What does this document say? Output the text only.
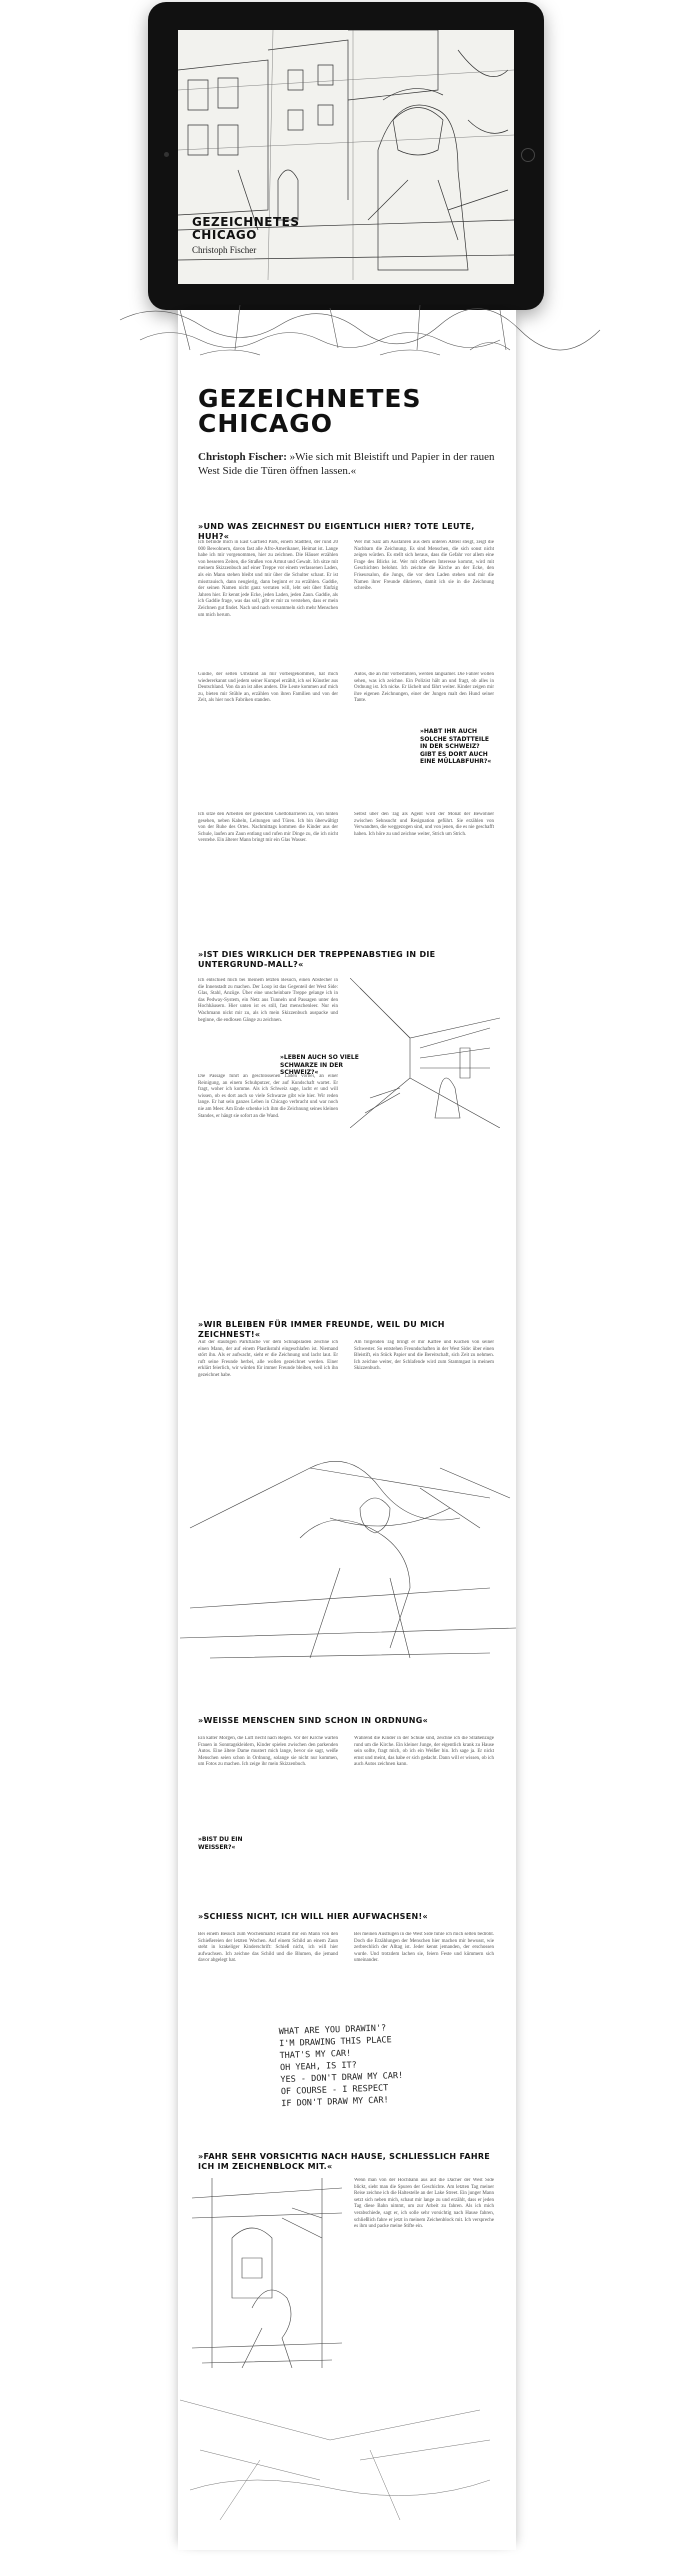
GEZEICHNETES
CHICAGO
Christoph Fischer
GEZEICHNETES
CHICAGO
Christoph Fischer: »Wie sich mit Bleistift und Papier in der rauen West Side die Türen öffnen lassen.«
»UND WAS ZEICHNEST DU EIGENTLICH HIER? TOTE LEUTE, HUH?«
Ich befinde mich in East Garfield Park, einem Stadtteil, der rund 20 000 Bewohnern, davon fast alle Afro-Amerikaner, Heimat ist. Lange habe ich mir vorgenommen, hier zu zeichnen. Die Häuser erzählen von besseren Zeiten, die Straßen von Armut und Gewalt. Ich sitze mit meinem Skizzenbuch auf einer Treppe vor einem verlassenen Laden, als ein Mann stehen bleibt und mir über die Schulter schaut. Er ist misstrauisch, dann neugierig, dann beginnt er zu erzählen. Gaddie, der seinen Namen nicht ganz verraten will, lebt seit über fünfzig Jahren hier. Er kennt jede Ecke, jeden Laden, jeden Zaun. Gaddie, als ich Gaddie frage, was das soll, gibt er mir zu verstehen, dass er mein Zeichnen gut findet. Nach und nach versammeln sich mehr Menschen um mich herum.
Wer mit Salz am Ausfahren aus dem unteren Abteil steigt, zeigt die Nachbarn die Zeichnung. Es sind Menschen, die sich sonst nicht zeigen würden. Es stellt sich heraus, dass die Gefahr vor allem eine Frage des Blicks ist. Wer mit offenem Interesse kommt, wird mit Geschichten belohnt. Ich zeichne die Kirche an der Ecke, den Friseursalon, die Jungs, die vor dem Laden stehen und mir die Namen ihrer Freunde diktieren, damit ich sie in die Zeichnung schreibe.
Guidie, der selten Umstand an mir vorbeigekommen, hat mich wiedererkannt und jedem seiner Kumpel erzählt, ich sei Künstler aus Deutschland. Von da an ist alles anders. Die Leute kommen auf mich zu, bieten mir Stühle an, erzählen von ihren Familien und von der Zeit, als hier noch Fabriken standen.
Autos, die an mir vorbeifahren, werden langsamer. Die Fahrer wollen sehen, was ich zeichne. Ein Polizist hält an und fragt, ob alles in Ordnung ist. Ich nicke. Er lächelt und fährt weiter. Kinder zeigen mir ihre eigenen Zeichnungen, einer der Jungen malt den Hund seiner Tante.
»HABT IHR AUCH SOLCHE STADTTEILE IN DER SCHWEIZ? GIBT ES DORT AUCH EINE MÜLLABFUHR?«
Ich sitze den Arbeiten der gedeckten Ghettobarrieren zu, von hinten gesehen, neben Kabeln, Leitungen und Türen. Ich bin überwältigt von der Ruhe des Ortes. Nachmittags kommen die Kinder aus der Schule, laufen am Zaun entlang und rufen mir Dinge zu, die ich nicht verstehe. Ein älterer Mann bringt mir ein Glas Wasser.
Selbst über den Tag als Agent wird der Monat der Bewohner zwischen Sehnsucht und Resignation geführt. Sie erzählen von Verwandten, die weggezogen sind, und von jenen, die es nie geschafft haben. Ich höre zu und zeichne weiter, Strich um Strich.
»IST DIES WIRKLICH DER TREPPENABSTIEG IN DIE UNTERGRUND-MALL?«
Ich entschied mich bei meinem letzten Besuch, einen Abstecher in die Innenstadt zu machen. Der Loop ist das Gegenteil der West Side: Glas, Stahl, Anzüge. Über eine unscheinbare Treppe gelange ich in das Pedway-System, ein Netz aus Tunneln und Passagen unter den Hochhäusern. Hier unten ist es still, fast menschenleer. Nur ein Wachmann nickt mir zu, als ich mein Skizzenbuch auspacke und beginne, die endlosen Gänge zu zeichnen.
»LEBEN AUCH SO VIELE SCHWARZE IN DER SCHWEIZ?«
Die Passage führt an geschlossenen Läden vorbei, an einer Reinigung, an einem Schuhputzer, der auf Kundschaft wartet. Er fragt, woher ich komme. Als ich Schweiz sage, lacht er und will wissen, ob es dort auch so viele Schwarze gibt wie hier. Wir reden lange. Er hat sein ganzes Leben in Chicago verbracht und war noch nie am Meer. Am Ende schenke ich ihm die Zeichnung seines kleinen Standes, er hängt sie sofort an die Wand.
»WIR BLEIBEN FÜR IMMER FREUNDE, WEIL DU MICH ZEICHNEST!«
Auf der staubigen Parkfläche vor dem Schnapsladen zeichne ich einen Mann, der auf einem Plastikstuhl eingeschlafen ist. Niemand stört ihn. Als er aufwacht, sieht er die Zeichnung und lacht laut. Er ruft seine Freunde herbei, alle wollen gezeichnet werden. Einer erklärt feierlich, wir würden für immer Freunde bleiben, weil ich ihn gezeichnet habe.
Am folgenden Tag bringt er mir Kaffee und Kuchen von seiner Schwester. So entstehen Freundschaften in der West Side: über einen Bleistift, ein Stück Papier und die Bereitschaft, sich Zeit zu nehmen. Ich zeichne weiter, der Schlafende wird zum Stammgast in meinem Skizzenbuch.
»WEISSE MENSCHEN SIND SCHON IN ORDNUNG«
Ein kalter Morgen, die Luft riecht nach Regen. Vor der Kirche warten Frauen in Sonntagskleidern, Kinder spielen zwischen den parkenden Autos. Eine ältere Dame mustert mich lange, bevor sie sagt, weiße Menschen seien schon in Ordnung, solange sie nicht nur kommen, um Fotos zu machen. Ich zeige ihr mein Skizzenbuch.
»BIST DU EIN WEISSER?«
Während die Kinder in der Schule sind, zeichne ich die Straßenzüge rund um die Kirche. Ein kleiner Junge, der eigentlich krank zu Hause sein sollte, fragt mich, ob ich ein Weißer bin. Ich sage ja. Er nickt ernst und meint, das habe er sich gedacht. Dann will er wissen, ob ich auch Autos zeichnen kann.
»SCHIESS NICHT, ICH WILL HIER AUFWACHSEN!«
Bei einem Besuch zum Wochenmarkt erzählt mir ein Mann von den Schießereien der letzten Wochen. Auf einem Schild an einem Zaun steht in krakeliger Kinderschrift: Schieß nicht, ich will hier aufwachsen. Ich zeichne das Schild und die Blumen, die jemand davor abgelegt hat.
Bei meinen Ausflügen in die West Side fühle ich mich selten bedroht. Doch die Erzählungen der Menschen hier machen mir bewusst, wie zerbrechlich der Alltag ist. Jeder kennt jemanden, der erschossen wurde. Und trotzdem lachen sie, feiern Feste und kümmern sich umeinander.
WHAT ARE YOU DRAWIN'?
I'M DRAWING THIS PLACE
THAT'S MY CAR!
OH YEAH, IS IT?
YES - DON'T DRAW MY CAR!
OF COURSE - I RESPECT
IF DON'T DRAW MY CAR!
»FAHR SEHR VORSICHTIG NACH HAUSE, SCHLIESSLICH FAHRE ICH IM ZEICHENBLOCK MIT.«
Wenn man von der Hochbahn aus auf die Dächer der West Side blickt, sieht man die Spuren der Geschichte. Am letzten Tag meiner Reise zeichne ich die Haltestelle an der Lake Street. Ein junger Mann setzt sich neben mich, schaut mir lange zu und erzählt, dass er jeden Tag diese Bahn nimmt, um zur Arbeit zu fahren. Als ich mich verabschiede, sagt er, ich solle sehr vorsichtig nach Hause fahren, schließlich fahre er jetzt in meinem Zeichenblock mit. Ich verspreche es ihm und packe meine Stifte ein.
